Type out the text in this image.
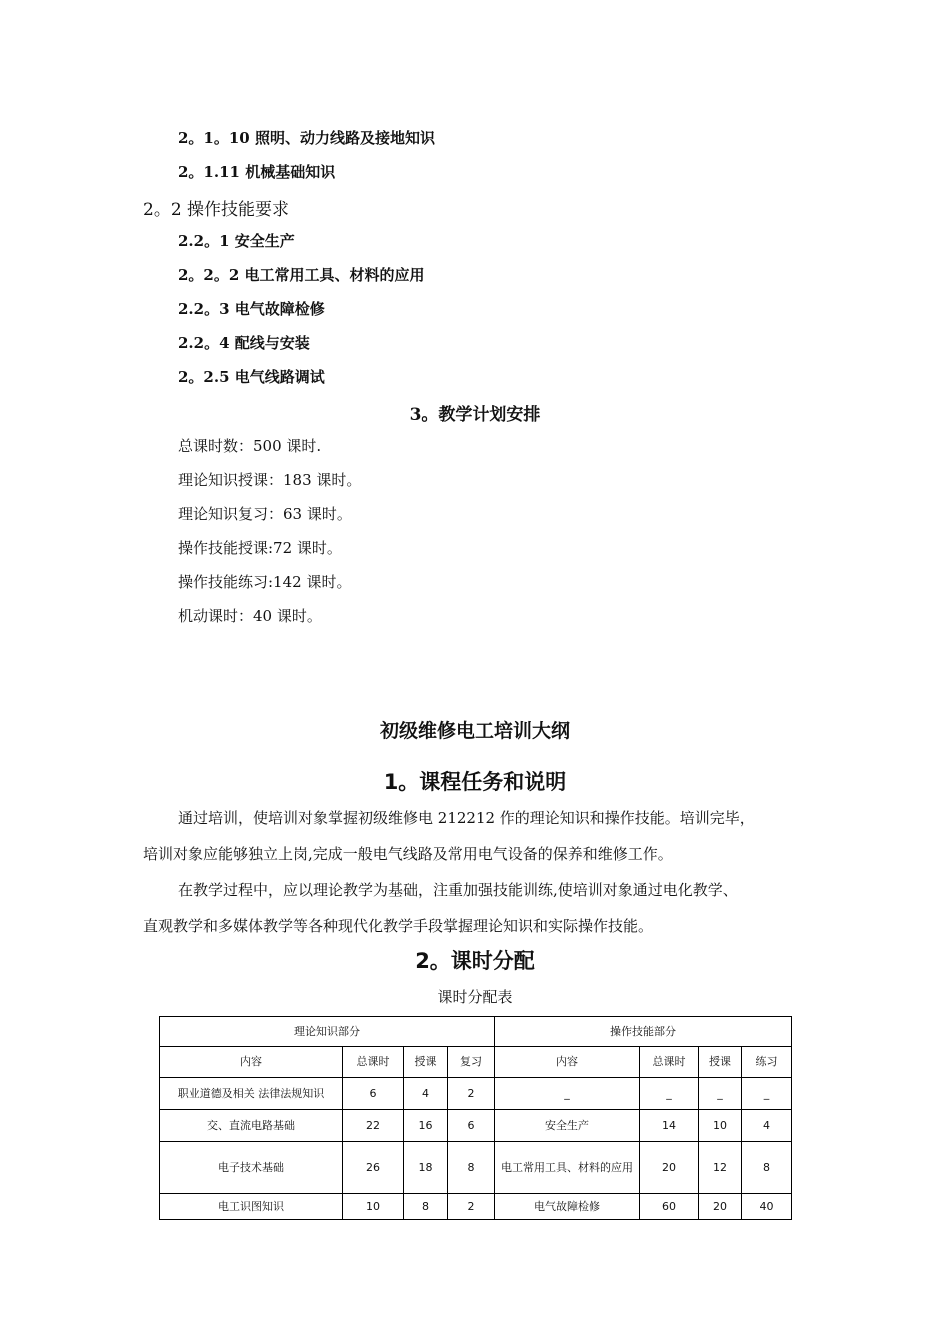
2。1。10 照明、动力线路及接地知识
2。1.11 机械基础知识
2。2 操作技能要求
2.2。1 安全生产
2。2。2 电工常用工具、材料的应用
2.2。3 电气故障检修
2.2。4 配线与安装
2。2.5 电气线路调试
3。教学计划安排
总课时数：500 课时.
理论知识授课：183 课时。
理论知识复习：63 课时。
操作技能授课:72 课时。
操作技能练习:142 课时。
机动课时：40 课时。
初级维修电工培训大纲
1。课程任务和说明
通过培训，使培训对象掌握初级维修电 212212 作的理论知识和操作技能。培训完毕，
培训对象应能够独立上岗,完成一般电气线路及常用电气设备的保养和维修工作。
在教学过程中，应以理论教学为基础，注重加强技能训练,使培训对象通过电化教学、
直观教学和多媒体教学等各种现代化教学手段掌握理论知识和实际操作技能。
2。课时分配
课时分配表
理论知识部分				操作技能部分			
内容	总课时	授课	复习	内容	总课时	授课	练习
职业道德及相关 法律法规知识	6	4	2	_	_	_	_
交、直流电路基础	22	16	6	安全生产	14	10	4
电子技术基础	26	18	8	电工常用工具、材料的应用	20	12	8
电工识图知识	10	8	2	电气故障检修	60	20	40
